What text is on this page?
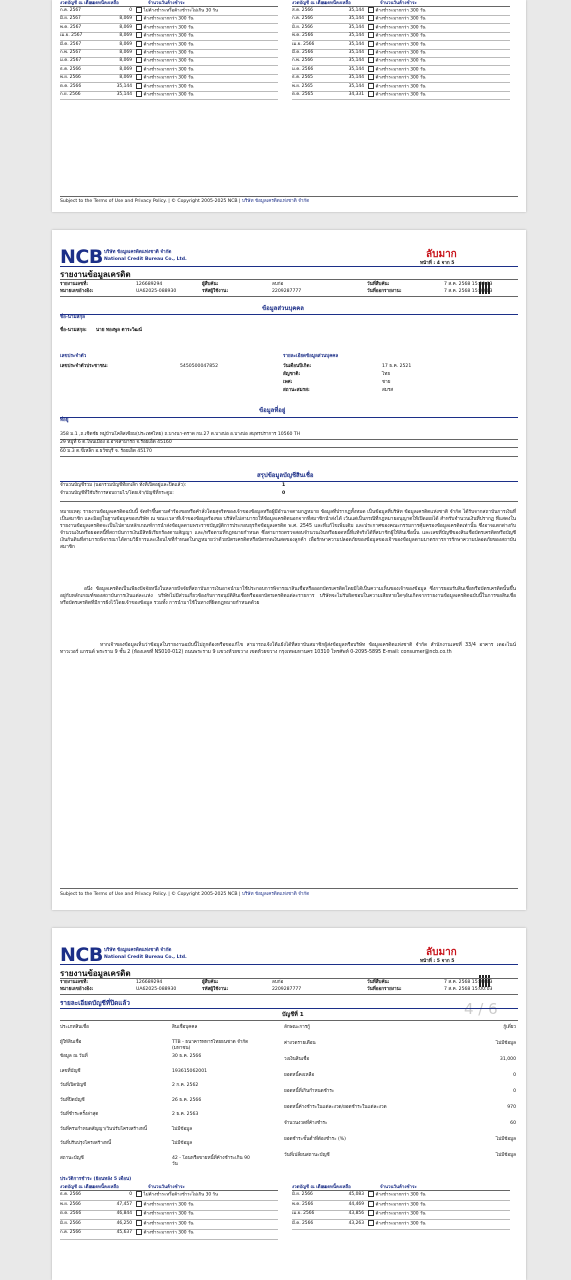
งวดบัญชี ณ เดือน
ยอดหนี้คงเหลือ	จำนวนวันค้างชำระ	งวดบัญชี ณ เดือน
ยอดหนี้คงเหลือ	จำนวนวันค้างชำระ
ก.ค. 2567	0	ไม่ค้างชำระหรือค้างชำระไม่เกิน 30 วัน
มิ.ย. 2567	8,069	ค้างชำระมากกว่า 300 วัน
พ.ค. 2567	8,069	ค้างชำระมากกว่า 300 วัน
เม.ย. 2567	8,069	ค้างชำระมากกว่า 300 วัน
มี.ค. 2567	8,069	ค้างชำระมากกว่า 300 วัน
ก.พ. 2567	8,069	ค้างชำระมากกว่า 300 วัน
ม.ค. 2567	8,069	ค้างชำระมากกว่า 300 วัน
ธ.ค. 2566	8,069	ค้างชำระมากกว่า 300 วัน
พ.ย. 2566	8,069	ค้างชำระมากกว่า 300 วัน
ต.ค. 2566	35,144	ค้างชำระมากกว่า 300 วัน
ก.ย. 2566	35,144	ค้างชำระมากกว่า 300 วัน
ส.ค. 2566	35,144	ค้างชำระมากกว่า 300 วัน
ก.ค. 2566	35,144	ค้างชำระมากกว่า 300 วัน
มิ.ย. 2566	35,144	ค้างชำระมากกว่า 300 วัน
พ.ค. 2566	35,144	ค้างชำระมากกว่า 300 วัน
เม.ย. 2566	35,144	ค้างชำระมากกว่า 300 วัน
มี.ค. 2566	35,144	ค้างชำระมากกว่า 300 วัน
ก.พ. 2566	35,144	ค้างชำระมากกว่า 300 วัน
ม.ค. 2566	35,144	ค้างชำระมากกว่า 300 วัน
ธ.ค. 2565	35,144	ค้างชำระมากกว่า 300 วัน
พ.ย. 2565	35,144	ค้างชำระมากกว่า 300 วัน
ต.ค. 2565	34,331	ค้างชำระมากกว่า 300 วัน
Subject to the Terms of Use and Privacy Policy. | © Copyright 2005-2025 NCB | บริษัท ข้อมูลเครดิตแห่งชาติ จำกัด
NCB บริษัท ข้อมูลเครดิตแห่งชาติ จำกัด
National Credit Bureau Co., Ltd.	ลับมาก
หน้าที่ : 4 จาก 5
รายงานข้อมูลเครดิต
รายงานเลขที่:	126689294	ผู้สืบค้น:	ลบก่อ	วันที่สืบค้น:	7 ส.ค. 2568 15:00:03
หมายเลขอ้างอิง:	UA62025-088930	รหัสผู้ใช้งาน:	2209287777	วันที่ออกรายงาน:	7 ส.ค. 2568 15:00:03
ข้อมูลส่วนบุคคล
ชื่อ-นามสกุล
ชื่อ-นามสกุล: นาย ทองพูล ตาระวิฒน์
เลขประจำตัว
เลขประจำตัวประชาชน:	5450500047852
รายละเอียดข้อมูลส่วนบุคคล
วันเดือนปีเกิด:	17 ธ.ค. 2521
สัญชาติ:	ไทย
เพศ:	ชาย
สถานะสมรส:	สมรส
ข้อมูลที่อยู่
ที่อยู่
358 ม.1 ,ถ.เชิดชัย หมู่บ้านโคลิสเซียม(ประเทศไทย) ถ.บางนา-ตราด กม.27 ต.บางบ่อ อ.บางบ่อ สมุทรปราการ 10560 TH
29 หมู่ที่ 6 ต.โพนเมือง อ.อาจสามารถ จ.ร้อยเอ็ด 45160
60 ม.3 ต.ขี้เหล็ก อ.ธวัชบุรี จ. ร้อยเอ็ด 45170
สรุปข้อมูลบัญชีสินเชื่อ
จำนวนบัญชีรวม (นอกรวมบัญชีที่ยกเลิก ทั้งที่เปิดอยู่และปิดแล้ว):	1
จำนวนบัญชีที่ใช้บริการสอบถามไว/โดยเจ้า/บัญชีที่กระดูม:	0
หมายเหตุ: รายงานข้อมูลเครดิตฉบับนี้ จัดทำขึ้นตามคำร้องขอหรือคำสั่งโดยสุจริตของเจ้าของข้อมูลหรือผู้มีอำนาจตามกฎหมาย ข้อมูลที่ปรากฏทั้งหมด เป็นข้อมูลที่บริษัท ข้อมูลเครดิตแห่งชาติ จำกัด ได้รับจากสถาบันการเงินที่เป็นสมาชิก และมิอยู่ในฐานข้อมูลของบริษัท ณ ขณะเวลาที่เจ้าของข้อมูลร้องขอ บริษัทไม่สามารถให้ข้อมูลเครดิตนอกจากที่สมาชิกนำส่งได้ เว้นแต่เป็นกรณีที่กฎหมายอนุญาตให้เปิดเผยได้ สำหรับจำนวนเงินที่ปรากฏ ที่แสดงในรายงานข้อมูลเครดิตจะเป็นไปตามหลักเกณฑ์การนำส่งข้อมูลตามพระราชบัญญัติการประกอบธุรกิจข้อมูลเครดิต พ.ศ. 2545 และที่แก้ไขเพิ่มเติม และประกาศของคณะกรรมการคุ้มครองข้อมูลเครดิตเท่านั้น ซึ่งอาจแตกต่างกับจำนวนเงินหรือยอดหนี้ที่สถาบันการเงินมีสิทธิเรียกร้องตามสัญญา และ/หรือตามที่กฎหมายกำหนด ซึ่งสามารถตรวจสอบจำนวนเงินหรือยอดหนี้ที่แท้จริงได้ที่สมาชิกผู้ให้สินเชื่อนั้น และเลขที่บัญชีของสินเชื่อบัตรเครดิตหรือบัญชีเงินกันดินที่สามารถพิจารณาได้ตามวิธีการและเงื่อนไขที่กำหนดในกฎหมายว่าด้วยบัตรเครดิตหรือบัตรกดเงินสดของลูกค้า เพื่อรักษาความปลอดภัยของข้อมูลของเจ้าของข้อมูลตามมาตรการการรักษาความปลอดภัยของสถาบันสมาชิก
อนึ่ง ข้อมูลเครดิตเป็นเพียงปัจจัยหนึ่งในหลายปัจจัยที่สถาบันการเงินอาจนำมาใช้ประกอบการพิจารณาสินเชื่อหรือออกบัตรเครดิตโดยมิได้เป็นความเห็นของเจ้าของข้อมูล ซึ่งการยอมรับสินเชื่อหรือบัตรเครดิตนั้นขึ้นอยู่กับหลักเกณฑ์ของสถาบันการเงินแต่ละแห่ง บริษัทไม่มีส่วนเกี่ยวข้องกับการอนุมัติสินเชื่อหรือออกบัตรเครดิตแต่ละรายการ บริษัทจะไม่รับผิดชอบในความเสียหายใดๆอันเกิดจากรายงานข้อมูลเครดิตฉบับนี้ในการขอสินเชื่อหรือบัตรเครดิตที่มีการฝังไว้โดยเจ้าของข้อมูล รวมทั้ง การนำมาใช้ในทางที่ผิดกฎหมายกำหนดด้วย
หากเจ้าของข้อมูลเห็นว่าข้อมูลในรายงานฉบับนี้ไม่ถูกต้องหรือขอแก้ไข สามารถแจ้งโต้แย้งได้ที่สถาบันสมาชิกผู้ส่งข้อมูลหรือบริษัท ข้อมูลเครดิตแห่งชาติ จำกัด สำนักงานเลขที่ 33/4 อาคาร เดอะไนน์ ทาวเวอร์ แกรนด์ พระราม 9 ชั้น 2 (ห้องเลขที่ NS010-012) ถนนพระราม 9 แขวงห้วยขวาง เขตห้วยขวาง กรุงเทพมหานคร 10310 โทรศัพท์ 0-2095-5895 E-mail: consumer@ncb.co.th
Subject to the Terms of Use and Privacy Policy. | © Copyright 2005-2025 NCB | บริษัท ข้อมูลเครดิตแห่งชาติ จำกัด
NCB บริษัท ข้อมูลเครดิตแห่งชาติ จำกัด
National Credit Bureau Co., Ltd.	ลับมาก
หน้าที่ : 5 จาก 5
รายงานข้อมูลเครดิต
รายงานเลขที่:	126689294	ผู้สืบค้น:	ลบก่อ	วันที่สืบค้น:	7 ส.ค. 2568 15:00:03
หมายเลขอ้างอิง:	UA62025-088930	รหัสผู้ใช้งาน:	2209287777	วันที่ออกรายงาน:	7 ส.ค. 2568 15:00:03
รายละเอียดบัญชีที่ปิดแล้ว	4 / 6
บัญชีที่ 1
ประเภทสินเชื่อ	สินเชื่อบุคคล
ผู้ให้สินเชื่อ	TTB - ธนาคารทหารไทยธนชาต จำกัด (มหาชน)
ข้อมูล ณ วันที่	30 ธ.ค. 2566
เลขที่บัญชี	193615062001
วันที่เปิดบัญชี	2 ก.ค. 2562
วันที่ปิดบัญชี	26 ธ.ค. 2566
วันที่ชำระครั้งล่าสุด	2 ธ.ค. 2563
วันที่ครบกำหนดสัญญา/วันปรับโครงสร้างหนี้	ไม่มีข้อมูล
วันที่ปรับปรุงโครงสร้างหนี้	ไม่มีข้อมูล
สถานะบัญชี	42 - โอนหรือขายหนี้ที่ค้างชำระเกิน 90 วัน
ลักษณะการกู้	กู้เดี่ยว
ค่างวดรายเดือน	ไม่มีข้อมูล
วงเงินสินเชื่อ	31,000
ยอดหนี้คงเหลือ	0
ยอดหนี้ที่เกินกำหนดชำระ	0
ยอดหนี้ค้างชำระในแต่ละงวด/ยอดชำระในแต่ละงวด	970
จำนวนงวดที่ค้างชำระ	60
ยอดชำระขั้นต่ำที่ต้องชำระ (%)	ไม่มีข้อมูล
วันที่เปลี่ยนสถานะบัญชี	ไม่มีข้อมูล
ประวัติการชำระ (ย้อนหลัง 5 เดือน)
งวดบัญชี ณ เดือน
ยอดหนี้คงเหลือ	จำนวนวันค้างชำระ	งวดบัญชี ณ เดือน
ยอดหนี้คงเหลือ	จำนวนวันค้างชำระ
ธ.ค. 2566	0	ไม่ค้างชำระหรือค้างชำระไม่เกิน 30 วัน
พ.ย. 2566	47,457	ค้างชำระมากกว่า 300 วัน
ต.ค. 2566	46,844	ค้างชำระมากกว่า 300 วัน
มิ.ย. 2566	46,250	ค้างชำระมากกว่า 300 วัน
ก.ค. 2566	45,637	ค้างชำระมากกว่า 300 วัน
มิ.ย. 2566	45,083	ค้างชำระมากกว่า 300 วัน
พ.ค. 2566	44,469	ค้างชำระมากกว่า 300 วัน
เม.ย. 2566	43,856	ค้างชำระมากกว่า 300 วัน
มี.ค. 2566	43,263	ค้างชำระมากกว่า 300 วัน
